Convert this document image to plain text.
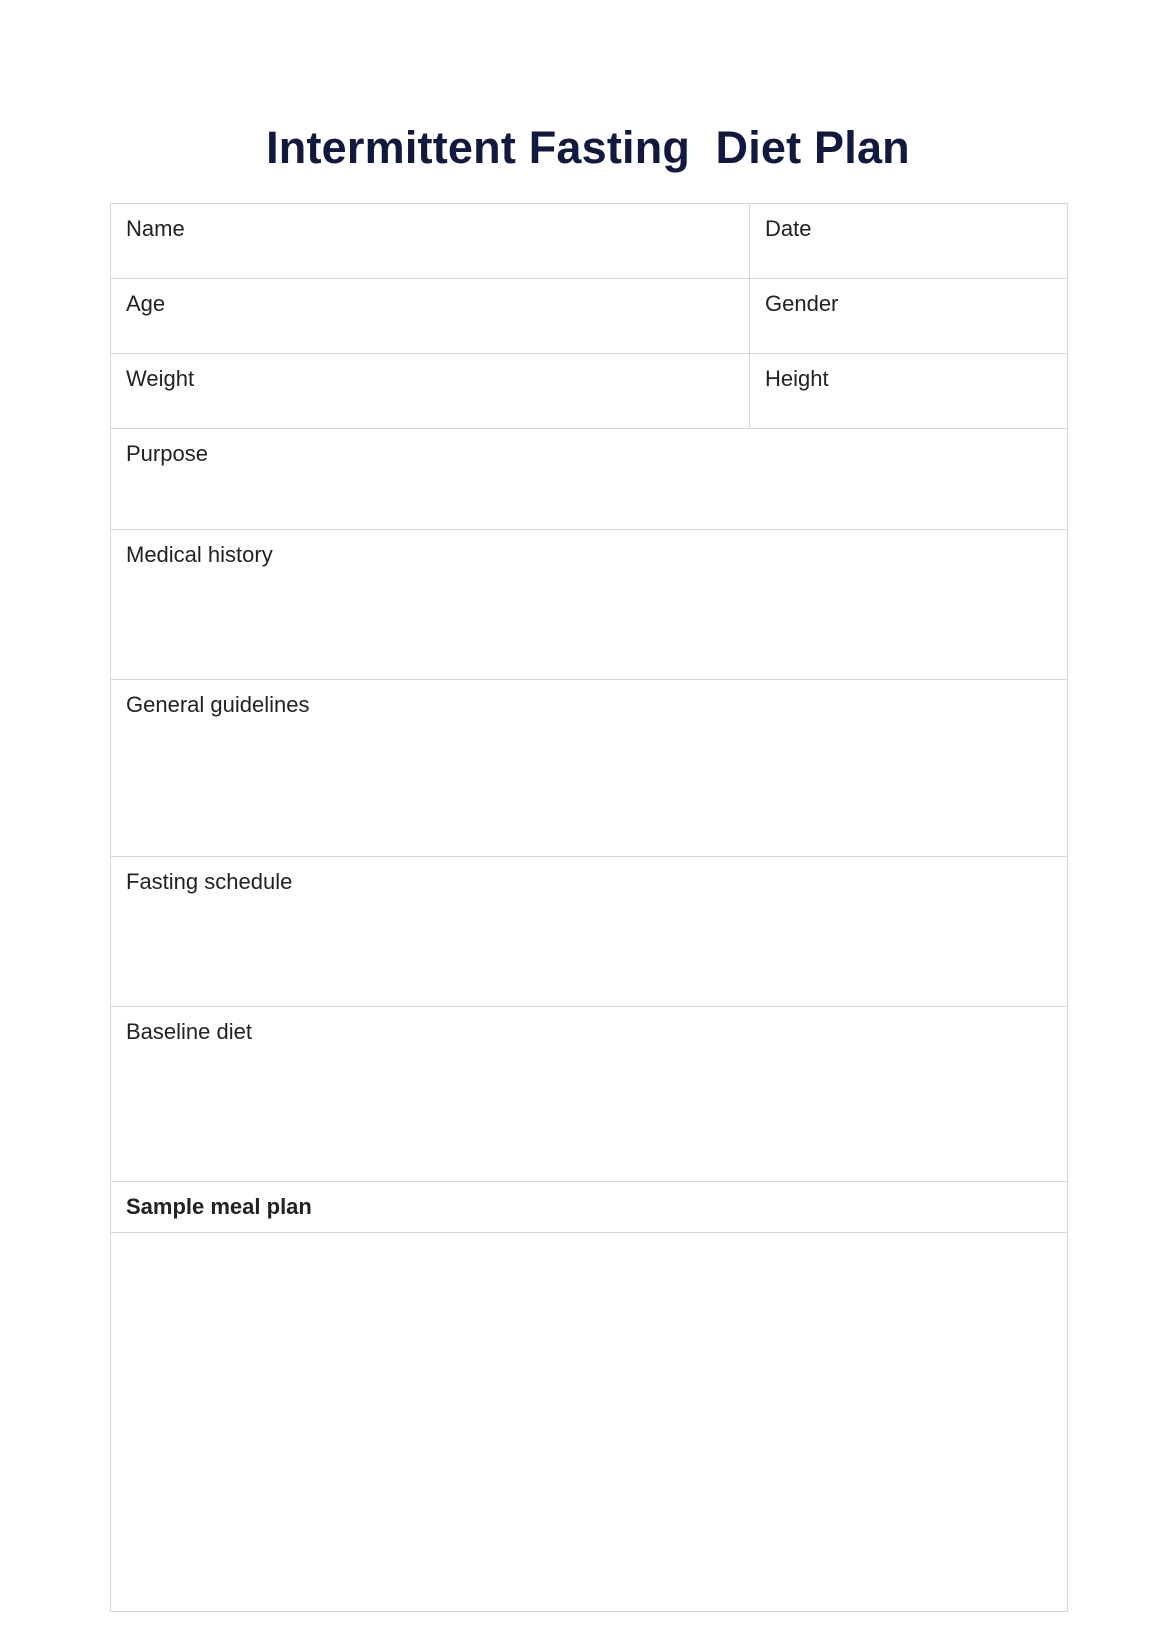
Intermittent Fasting  Diet Plan
Name	Date
Age	Gender
Weight	Height
Purpose	
Medical history	
General guidelines	
Fasting schedule	
Baseline diet	
Sample meal plan	
